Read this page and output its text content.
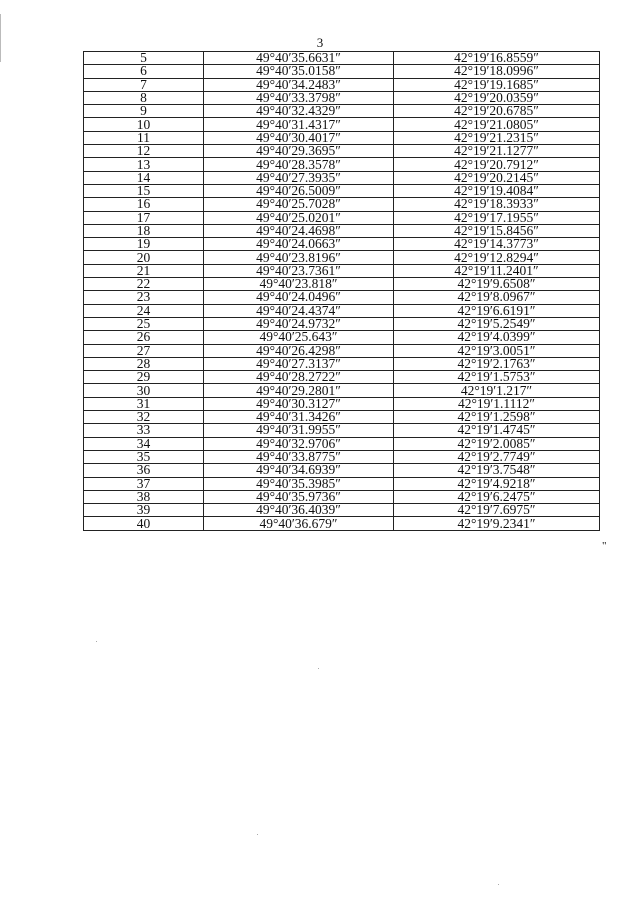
3
5	49°40′35.6631″	42°19′16.8559″
6	49°40′35.0158″	42°19′18.0996″
7	49°40′34.2483″	42°19′19.1685″
8	49°40′33.3798″	42°19′20.0359″
9	49°40′32.4329″	42°19′20.6785″
10	49°40′31.4317″	42°19′21.0805″
11	49°40′30.4017″	42°19′21.2315″
12	49°40′29.3695″	42°19′21.1277″
13	49°40′28.3578″	42°19′20.7912″
14	49°40′27.3935″	42°19′20.2145″
15	49°40′26.5009″	42°19′19.4084″
16	49°40′25.7028″	42°19′18.3933″
17	49°40′25.0201″	42°19′17.1955″
18	49°40′24.4698″	42°19′15.8456″
19	49°40′24.0663″	42°19′14.3773″
20	49°40′23.8196″	42°19′12.8294″
21	49°40′23.7361″	42°19′11.2401″
22	49°40′23.818″	42°19′9.6508″
23	49°40′24.0496″	42°19′8.0967″
24	49°40′24.4374″	42°19′6.6191″
25	49°40′24.9732″	42°19′5.2549″
26	49°40′25.643″	42°19′4.0399″
27	49°40′26.4298″	42°19′3.0051″
28	49°40′27.3137″	42°19′2.1763″
29	49°40′28.2722″	42°19′1.5753″
30	49°40′29.2801″	42°19′1.217″
31	49°40′30.3127″	42°19′1.1112″
32	49°40′31.3426″	42°19′1.2598″
33	49°40′31.9955″	42°19′1.4745″
34	49°40′32.9706″	42°19′2.0085″
35	49°40′33.8775″	42°19′2.7749″
36	49°40′34.6939″	42°19′3.7548″
37	49°40′35.3985″	42°19′4.9218″
38	49°40′35.9736″	42°19′6.2475″
39	49°40′36.4039″	42°19′7.6975″
40	49°40′36.679″	42°19′9.2341″
"
